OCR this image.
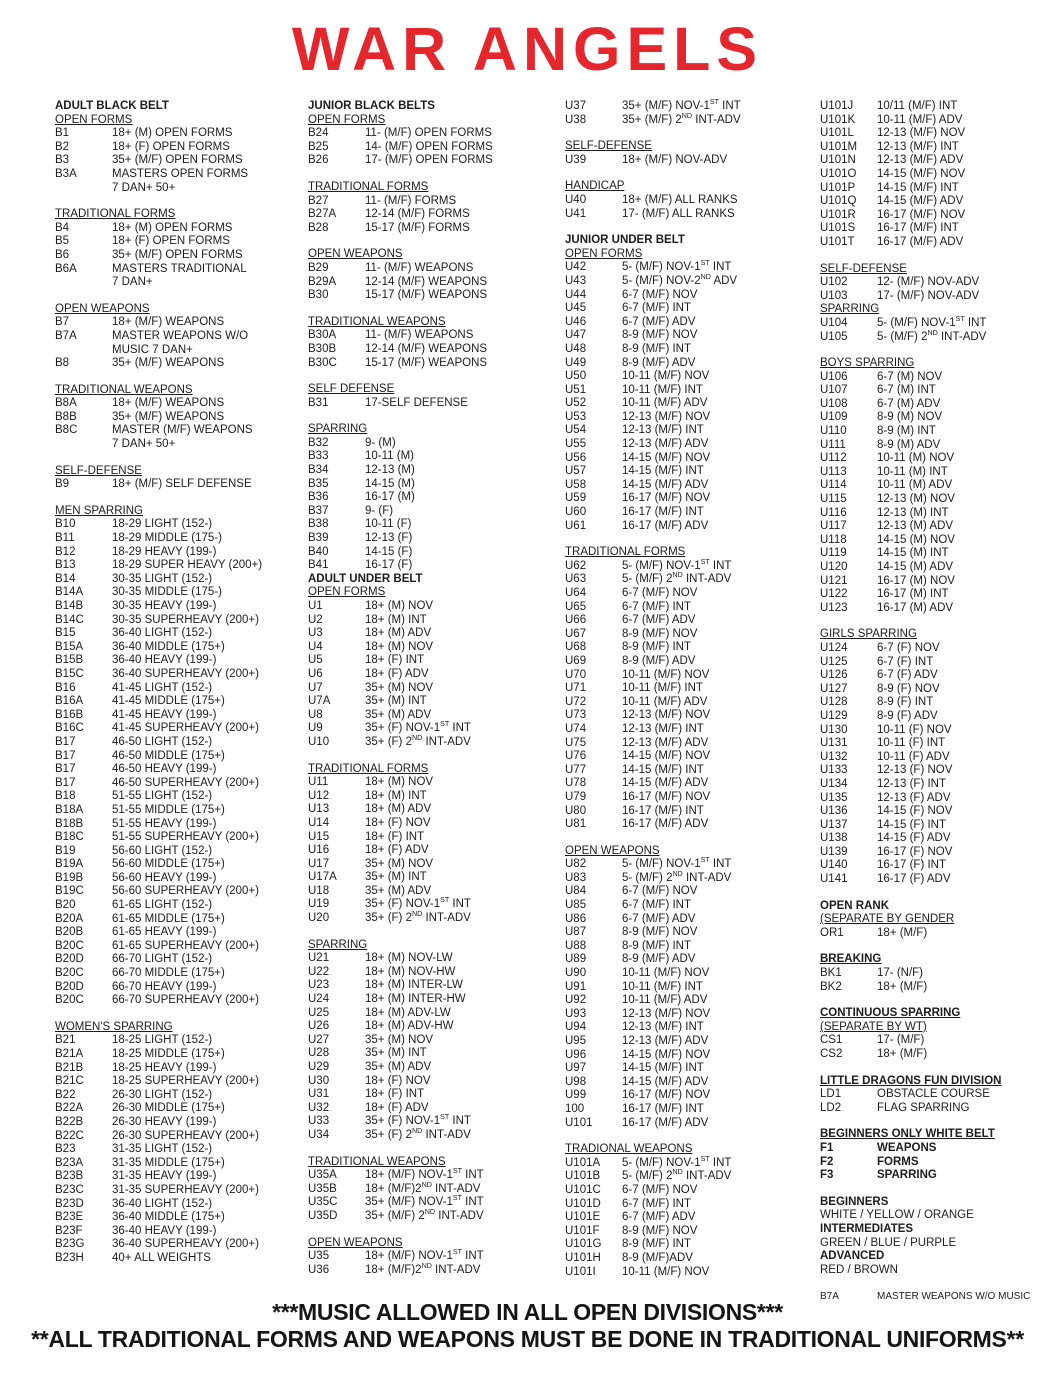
WAR ANGELS
ADULT BLACK BELT
OPEN FORMS
B1	18+ (M) OPEN FORMS
B2	18+ (F) OPEN FORMS
B3	35+ (M/F) OPEN FORMS
B3A	MASTERS OPEN FORMS
7 DAN+ 50+
TRADITIONAL FORMS
B4	18+ (M) OPEN FORMS
B5	18+ (F) OPEN FORMS
B6	35+ (M/F) OPEN FORMS
B6A	MASTERS TRADITIONAL
7 DAN+
OPEN WEAPONS
B7	18+ (M/F) WEAPONS
B7A	MASTER WEAPONS W/O
MUSIC 7 DAN+
B8	35+ (M/F) WEAPONS
TRADITIONAL WEAPONS
B8A	18+ (M/F) WEAPONS
B8B	35+ (M/F) WEAPONS
B8C	MASTER (M/F) WEAPONS
7 DAN+ 50+
SELF-DEFENSE
B9	18+ (M/F) SELF DEFENSE
MEN SPARRING
B10	18-29 LIGHT (152-)
B11	18-29 MIDDLE (175-)
B12	18-29 HEAVY (199-)
B13	18-29 SUPER HEAVY (200+)
B14	30-35 LIGHT (152-)
B14A	30-35 MIDDLE (175-)
B14B	30-35 HEAVY (199-)
B14C	30-35 SUPERHEAVY (200+)
B15	36-40 LIGHT (152-)
B15A	36-40 MIDDLE (175+)
B15B	36-40 HEAVY (199-)
B15C	36-40 SUPERHEAVY (200+)
B16	41-45 LIGHT (152-)
B16A	41-45 MIDDLE (175+)
B16B	41-45 HEAVY (199-)
B16C	41-45 SUPERHEAVY (200+)
B17	46-50 LIGHT (152-)
B17	46-50 MIDDLE (175+)
B17	46-50 HEAVY (199-)
B17	46-50 SUPERHEAVY (200+)
B18	51-55 LIGHT (152-)
B18A	51-55 MIDDLE (175+)
B18B	51-55 HEAVY (199-)
B18C	51-55 SUPERHEAVY (200+)
B19	56-60 LIGHT (152-)
B19A	56-60 MIDDLE (175+)
B19B	56-60 HEAVY (199-)
B19C	56-60 SUPERHEAVY (200+)
B20	61-65 LIGHT (152-)
B20A	61-65 MIDDLE (175+)
B20B	61-65 HEAVY (199-)
B20C	61-65 SUPERHEAVY (200+)
B20D	66-70 LIGHT (152-)
B20C	66-70 MIDDLE (175+)
B20D	66-70 HEAVY (199-)
B20C	66-70 SUPERHEAVY (200+)
WOMEN'S SPARRING
B21	18-25 LIGHT (152-)
B21A	18-25 MIDDLE (175+)
B21B	18-25 HEAVY (199-)
B21C	18-25 SUPERHEAVY (200+)
B22	26-30 LIGHT (152-)
B22A	26-30 MIDDLE (175+)
B22B	26-30 HEAVY (199-)
B22C	26-30 SUPERHEAVY (200+)
B23	31-35 LIGHT (152-)
B23A	31-35 MIDDLE (175+)
B23B	31-35 HEAVY (199-)
B23C	31-35 SUPERHEAVY (200+)
B23D	36-40 LIGHT (152-)
B23E	36-40 MIDDLE (175+)
B23F	36-40 HEAVY (199-)
B23G	36-40 SUPERHEAVY (200+)
B23H	40+ ALL WEIGHTS
JUNIOR BLACK BELTS
OPEN FORMS
B24	11- (M/F) OPEN FORMS
B25	14- (M/F) OPEN FORMS
B26	17- (M/F) OPEN FORMS
TRADITIONAL FORMS
B27	11- (M/F) FORMS
B27A	12-14 (M/F) FORMS
B28	15-17 (M/F) FORMS
OPEN WEAPONS
B29	11- (M/F) WEAPONS
B29A	12-14 (M/F) WEAPONS
B30	15-17 (M/F) WEAPONS
TRADITIONAL WEAPONS
B30A	11- (M/F) WEAPONS
B30B	12-14 (M/F) WEAPONS
B30C	15-17 (M/F) WEAPONS
SELF DEFENSE
B31	17-SELF DEFENSE
SPARRING
B32	9- (M)
B33	10-11 (M)
B34	12-13 (M)
B35	14-15 (M)
B36	16-17 (M)
B37	9- (F)
B38	10-11 (F)
B39	12-13 (F)
B40	14-15 (F)
B41	16-17 (F)
ADULT UNDER BELT
OPEN FORMS
U1	18+ (M) NOV
U2	18+ (M) INT
U3	18+ (M) ADV
U4	18+ (M) NOV
U5	18+ (F) INT
U6	18+ (F) ADV
U7	35+ (M) NOV
U7A	35+ (M) INT
U8	35+ (M) ADV
U9	35+ (F) NOV-1ST INT
U10	35+ (F) 2ND INT-ADV
TRADITIONAL FORMS
U11	18+ (M) NOV
U12	18+ (M) INT
U13	18+ (M) ADV
U14	18+ (F) NOV
U15	18+ (F) INT
U16	18+ (F) ADV
U17	35+ (M) NOV
U17A	35+ (M) INT
U18	35+ (M) ADV
U19	35+ (F) NOV-1ST INT
U20	35+ (F) 2ND INT-ADV
SPARRING
U21	18+ (M) NOV-LW
U22	18+ (M) NOV-HW
U23	18+ (M) INTER-LW
U24	18+ (M) INTER-HW
U25	18+ (M) ADV-LW
U26	18+ (M) ADV-HW
U27	35+ (M) NOV
U28	35+ (M) INT
U29	35+ (M) ADV
U30	18+ (F) NOV
U31	18+ (F) INT
U32	18+ (F) ADV
U33	35+ (F) NOV-1ST INT
U34	35+ (F) 2ND INT-ADV
TRADITIONAL WEAPONS
U35A	18+ (M/F) NOV-1ST INT
U35B	18+ (M/F)2ND INT-ADV
U35C	35+ (M/F) NOV-1ST INT
U35D	35+ (M/F) 2ND INT-ADV
OPEN WEAPONS
U35	18+ (M/F) NOV-1ST INT
U36	18+ (M/F)2ND INT-ADV
U37	35+ (M/F) NOV-1ST INT
U38	35+ (M/F) 2ND INT-ADV
SELF-DEFENSE
U39	18+ (M/F) NOV-ADV
HANDICAP
U40	18+ (M/F) ALL RANKS
U41	17- (M/F) ALL RANKS
JUNIOR UNDER BELT
OPEN FORMS
U42	5- (M/F) NOV-1ST INT
U43	5- (M/F) NOV-2ND ADV
U44	6-7 (M/F) NOV
U45	6-7 (M/F) INT
U46	6-7 (M/F) ADV
U47	8-9 (M/F) NOV
U48	8-9 (M/F) INT
U49	8-9 (M/F) ADV
U50	10-11 (M/F) NOV
U51	10-11 (M/F) INT
U52	10-11 (M/F) ADV
U53	12-13 (M/F) NOV
U54	12-13 (M/F) INT
U55	12-13 (M/F) ADV
U56	14-15 (M/F) NOV
U57	14-15 (M/F) INT
U58	14-15 (M/F) ADV
U59	16-17 (M/F) NOV
U60	16-17 (M/F) INT
U61	16-17 (M/F) ADV
TRADITIONAL FORMS
U62	5- (M/F) NOV-1ST INT
U63	5- (M/F) 2ND INT-ADV
U64	6-7 (M/F) NOV
U65	6-7 (M/F) INT
U66	6-7 (M/F) ADV
U67	8-9 (M/F) NOV
U68	8-9 (M/F) INT
U69	8-9 (M/F) ADV
U70	10-11 (M/F) NOV
U71	10-11 (M/F) INT
U72	10-11 (M/F) ADV
U73	12-13 (M/F) NOV
U74	12-13 (M/F) INT
U75	12-13 (M/F) ADV
U76	14-15 (M/F) NOV
U77	14-15 (M/F) INT
U78	14-15 (M/F) ADV
U79	16-17 (M/F) NOV
U80	16-17 (M/F) INT
U81	16-17 (M/F) ADV
OPEN WEAPONS
U82	5- (M/F) NOV-1ST INT
U83	5- (M/F) 2ND INT-ADV
U84	6-7 (M/F) NOV
U85	6-7 (M/F) INT
U86	6-7 (M/F) ADV
U87	8-9 (M/F) NOV
U88	8-9 (M/F) INT
U89	8-9 (M/F) ADV
U90	10-11 (M/F) NOV
U91	10-11 (M/F) INT
U92	10-11 (M/F) ADV
U93	12-13 (M/F) NOV
U94	12-13 (M/F) INT
U95	12-13 (M/F) ADV
U96	14-15 (M/F) NOV
U97	14-15 (M/F) INT
U98	14-15 (M/F) ADV
U99	16-17 (M/F) NOV
100	16-17 (M/F) INT
U101	16-17 (M/F) ADV
TRADIONAL WEAPONS
U101A	5- (M/F) NOV-1ST INT
U101B	5- (M/F) 2ND INT-ADV
U101C	6-7 (M/F) NOV
U101D	6-7 (M/F) INT
U101E	6-7 (M/F) ADV
U101F	8-9 (M/F) NOV
U101G	8-9 (M/F) INT
U101H	8-9 (M/F)ADV
U101I	10-11 (M/F) NOV
U101J	10/11 (M/F) INT
U101K	10-11 (M/F) ADV
U101L	12-13 (M/F) NOV
U101M	12-13 (M/F) INT
U101N	12-13 (M/F) ADV
U101O	14-15 (M/F) NOV
U101P	14-15 (M/F) INT
U101Q	14-15 (M/F) ADV
U101R	16-17 (M/F) NOV
U101S	16-17 (M/F) INT
U101T	16-17 (M/F) ADV
SELF-DEFENSE
U102	12- (M/F) NOV-ADV
U103	17- (M/F) NOV-ADV
SPARRING
U104	5- (M/F) NOV-1ST INT
U105	5- (M/F) 2ND INT-ADV
BOYS SPARRING
U106	6-7 (M) NOV
U107	6-7 (M) INT
U108	6-7 (M) ADV
U109	8-9 (M) NOV
U110	8-9 (M) INT
U111	8-9 (M) ADV
U112	10-11 (M) NOV
U113	10-11 (M) INT
U114	10-11 (M) ADV
U115	12-13 (M) NOV
U116	12-13 (M) INT
U117	12-13 (M) ADV
U118	14-15 (M) NOV
U119	14-15 (M) INT
U120	14-15 (M) ADV
U121	16-17 (M) NOV
U122	16-17 (M) INT
U123	16-17 (M) ADV
GIRLS SPARRING
U124	6-7 (F) NOV
U125	6-7 (F) INT
U126	6-7 (F) ADV
U127	8-9 (F) NOV
U128	8-9 (F) INT
U129	8-9 (F) ADV
U130	10-11 (F) NOV
U131	10-11 (F) INT
U132	10-11 (F) ADV
U133	12-13 (F) NOV
U134	12-13 (F) INT
U135	12-13 (F) ADV
U136	14-15 (F) NOV
U137	14-15 (F) INT
U138	14-15 (F) ADV
U139	16-17 (F) NOV
U140	16-17 (F) INT
U141	16-17 (F) ADV
OPEN RANK
(SEPARATE BY GENDER
OR1	18+ (M/F)
BREAKING
BK1	17- (N/F)
BK2	18+ (M/F)
CONTINUOUS SPARRING
(SEPARATE BY WT)
CS1	17- (M/F)
CS2	18+ (M/F)
LITTLE DRAGONS FUN DIVISION
LD1	OBSTACLE COURSE
LD2	FLAG SPARRING
BEGINNERS ONLY WHITE BELT
F1	WEAPONS
F2	FORMS
F3	SPARRING
BEGINNERS
WHITE / YELLOW / ORANGE
INTERMEDIATES
GREEN / BLUE / PURPLE
ADVANCED
RED / BROWN
B7A	MASTER WEAPONS W/O MUSIC
***MUSIC ALLOWED IN ALL OPEN DIVISIONS***
**ALL TRADITIONAL FORMS AND WEAPONS MUST BE DONE IN TRADITIONAL UNIFORMS**
